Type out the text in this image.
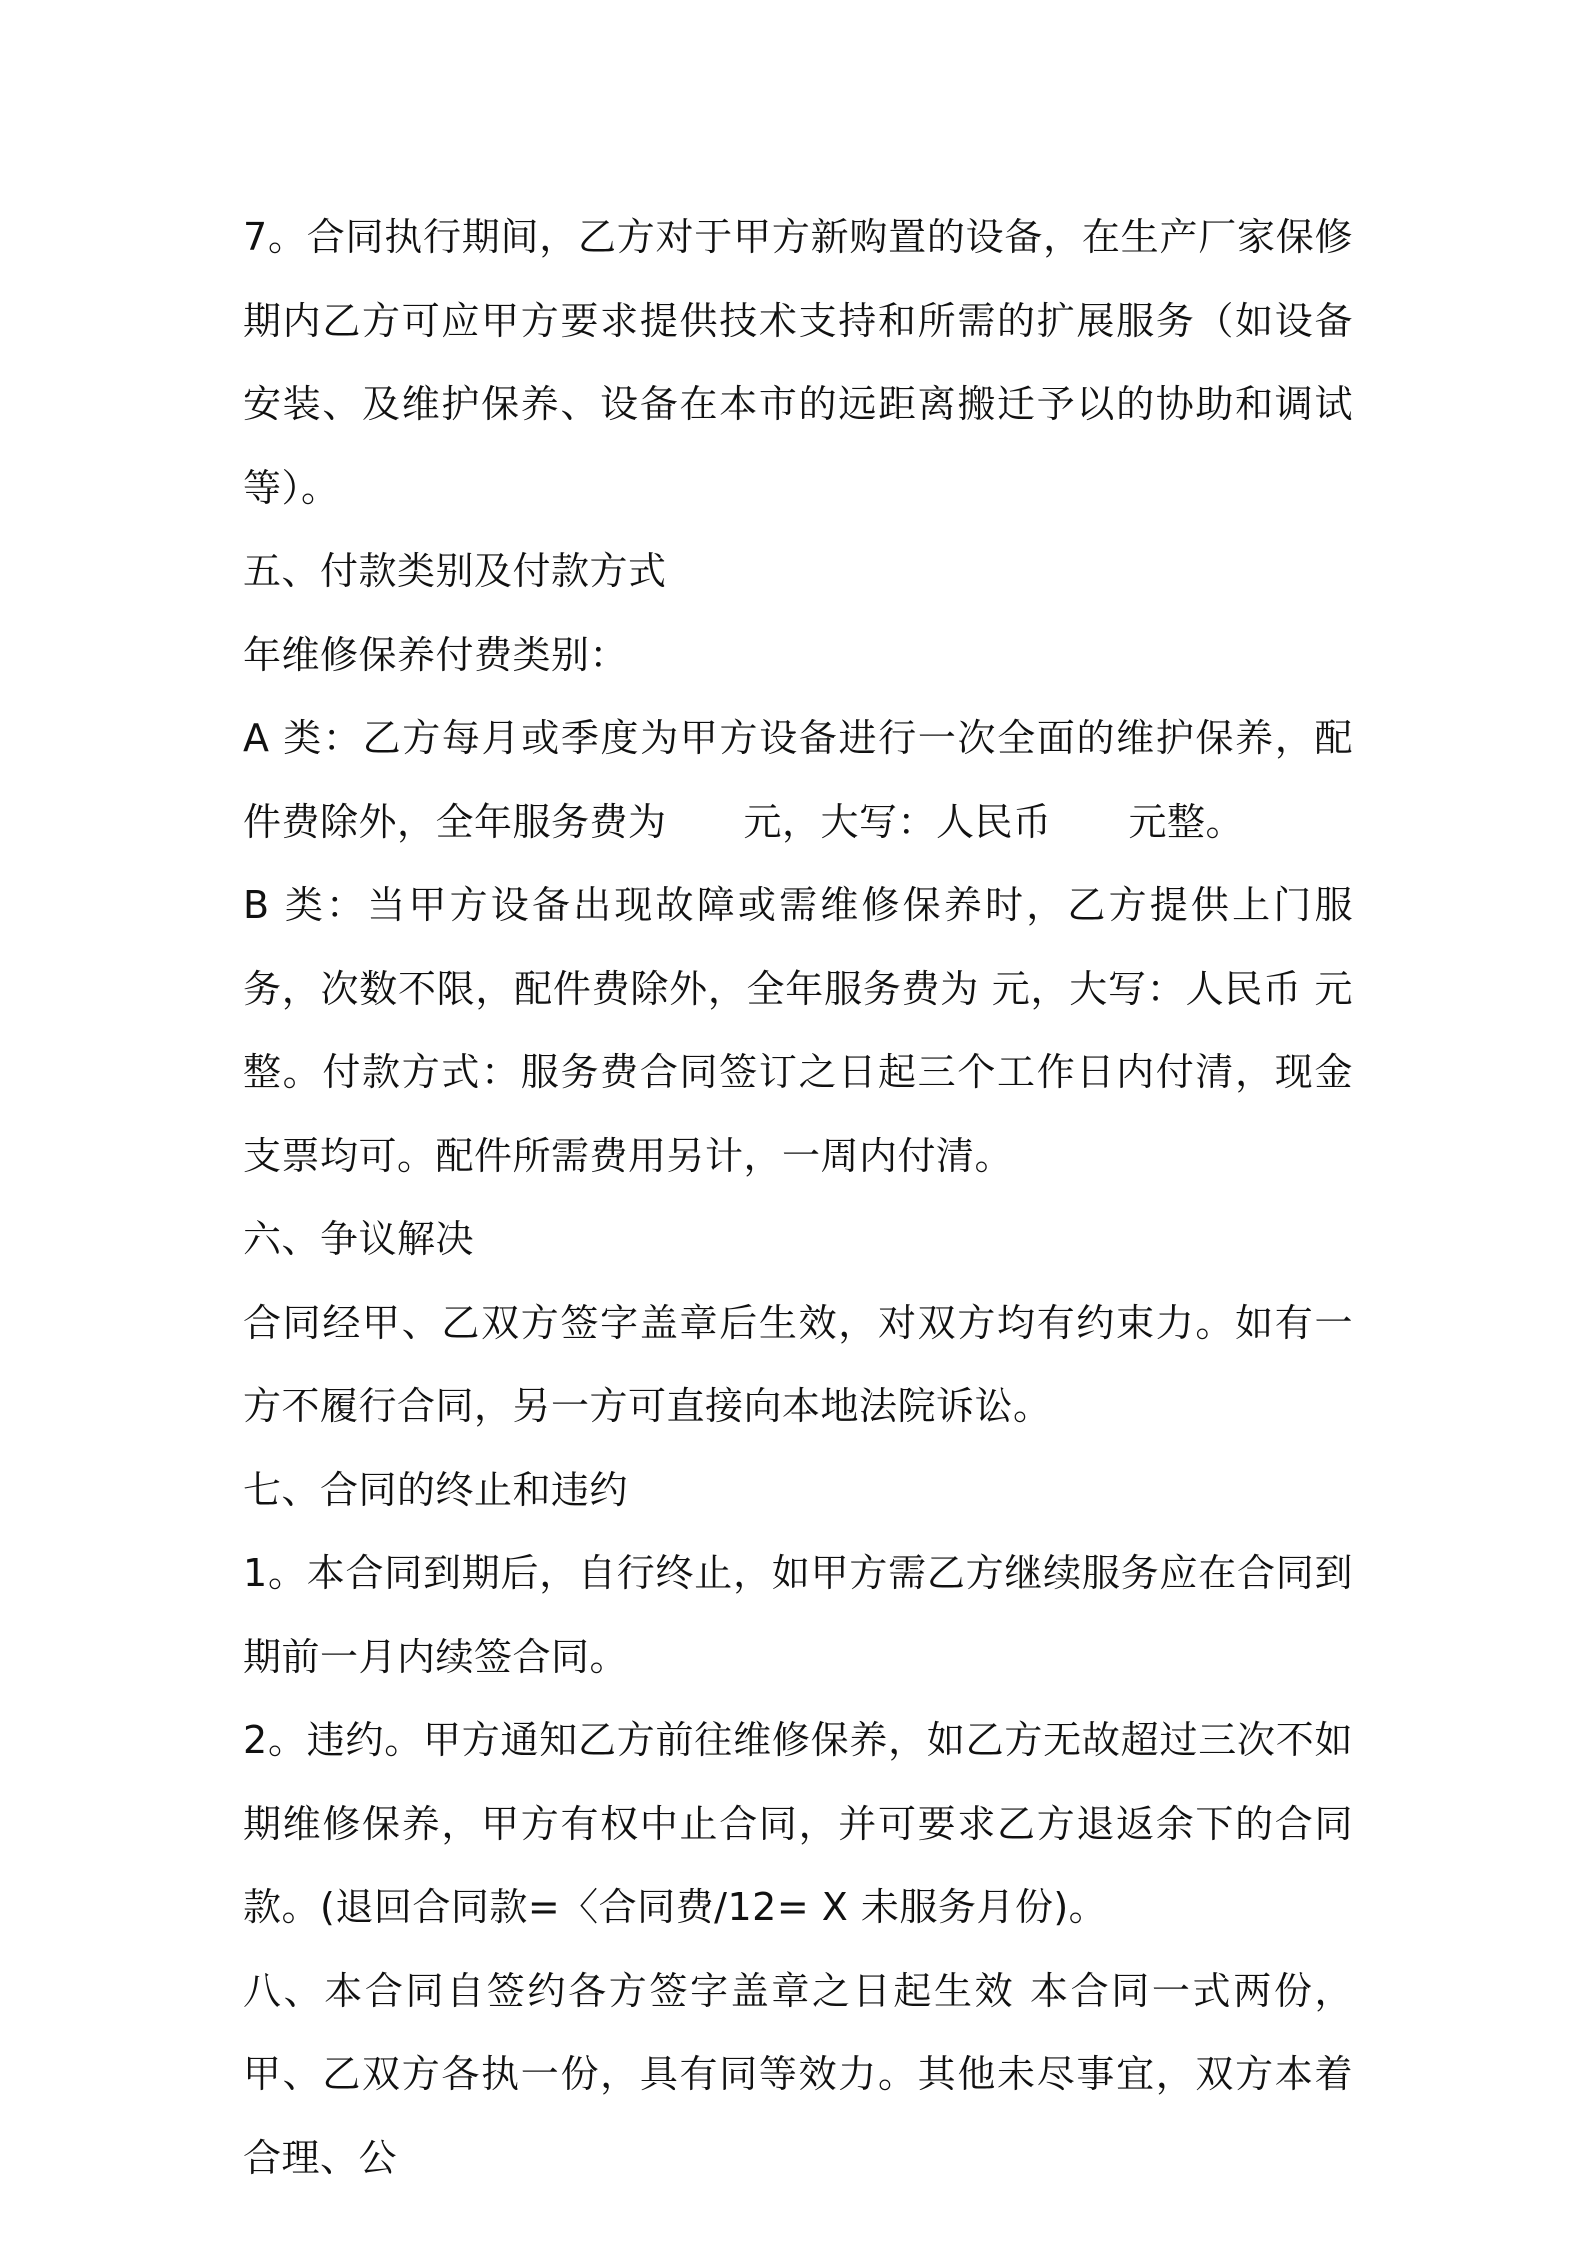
7。合同执行期间，乙方对于甲方新购置的设备，在生产厂家保修期内乙方可应甲方要求提供技术支持和所需的扩展服务（如设备安装、及维护保养、设备在本市的远距离搬迁予以的协助和调试等）。

五、付款类别及付款方式

年维修保养付费类别：

A 类：乙方每月或季度为甲方设备进行一次全面的维护保养，配件费除外，全年服务费为　　元，大写：人民币　　元整。

B 类：当甲方设备出现故障或需维修保养时，乙方提供上门服务，次数不限，配件费除外，全年服务费为 元，大写：人民币 元整。付款方式：服务费合同签订之日起三个工作日内付清，现金支票均可。配件所需费用另计，一周内付清。

六、争议解决

合同经甲、乙双方签字盖章后生效，对双方均有约束力。如有一方不履行合同，另一方可直接向本地法院诉讼。

七、合同的终止和违约

1。本合同到期后，自行终止，如甲方需乙方继续服务应在合同到期前一月内续签合同。

2。违约。甲方通知乙方前往维修保养，如乙方无故超过三次不如期维修保养，甲方有权中止合同，并可要求乙方退返余下的合同款。(退回合同款=〈合同费/12= X 未服务月份)。

八、本合同自签约各方签字盖章之日起生效 本合同一式两份，甲、乙双方各执一份，具有同等效力。其他未尽事宜，双方本着合理、公
